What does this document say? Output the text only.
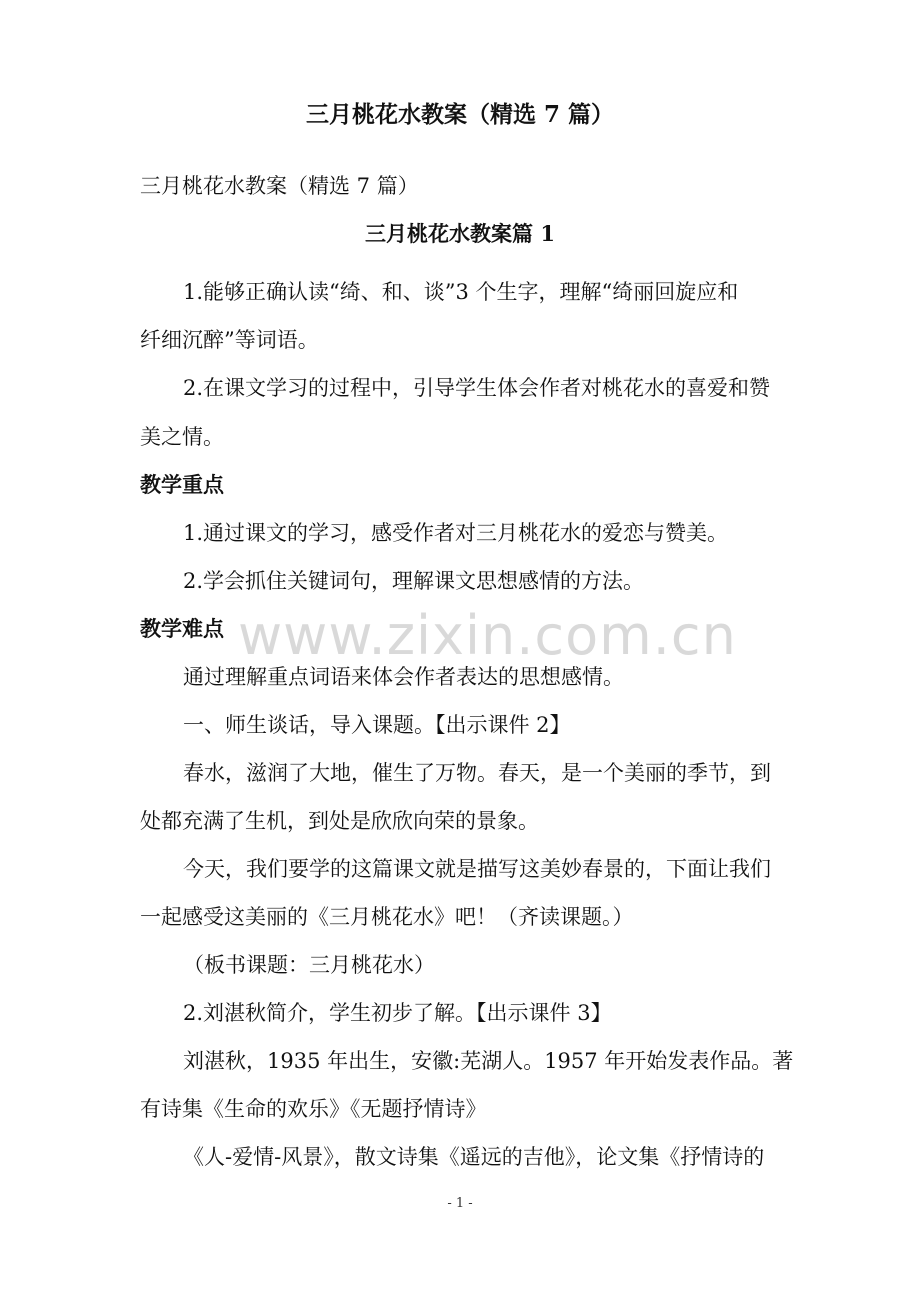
三月桃花水教案（精选 7 篇）
三月桃花水教案（精选 7 篇）
三月桃花水教案篇 1
1.能够正确认读“绮、和、谈”3 个生字，理解“绮丽回旋应和
纤细沉醉”等词语。
2.在课文学习的过程中，引导学生体会作者对桃花水的喜爱和赞
美之情。
教学重点
1.通过课文的学习，感受作者对三月桃花水的爱恋与赞美。
2.学会抓住关键词句，理解课文思想感情的方法。
www.zixin.com.cn
教学难点
通过理解重点词语来体会作者表达的思想感情。
一、师生谈话，导入课题。【出示课件 2】
春水，滋润了大地，催生了万物。春天，是一个美丽的季节，到
处都充满了生机，到处是欣欣向荣的景象。
今天，我们要学的这篇课文就是描写这美妙春景的，下面让我们
一起感受这美丽的《三月桃花水》吧！（齐读课题。）
（板书课题：三月桃花水）
2.刘湛秋简介，学生初步了解。【出示课件 3】
刘湛秋，1935 年出生，安徽:芜湖人。1957 年开始发表作品。著
有诗集《生命的欢乐》《无题抒情诗》
《人-爱情-风景》，散文诗集《遥远的吉他》，论文集《抒情诗的
- 1 -
